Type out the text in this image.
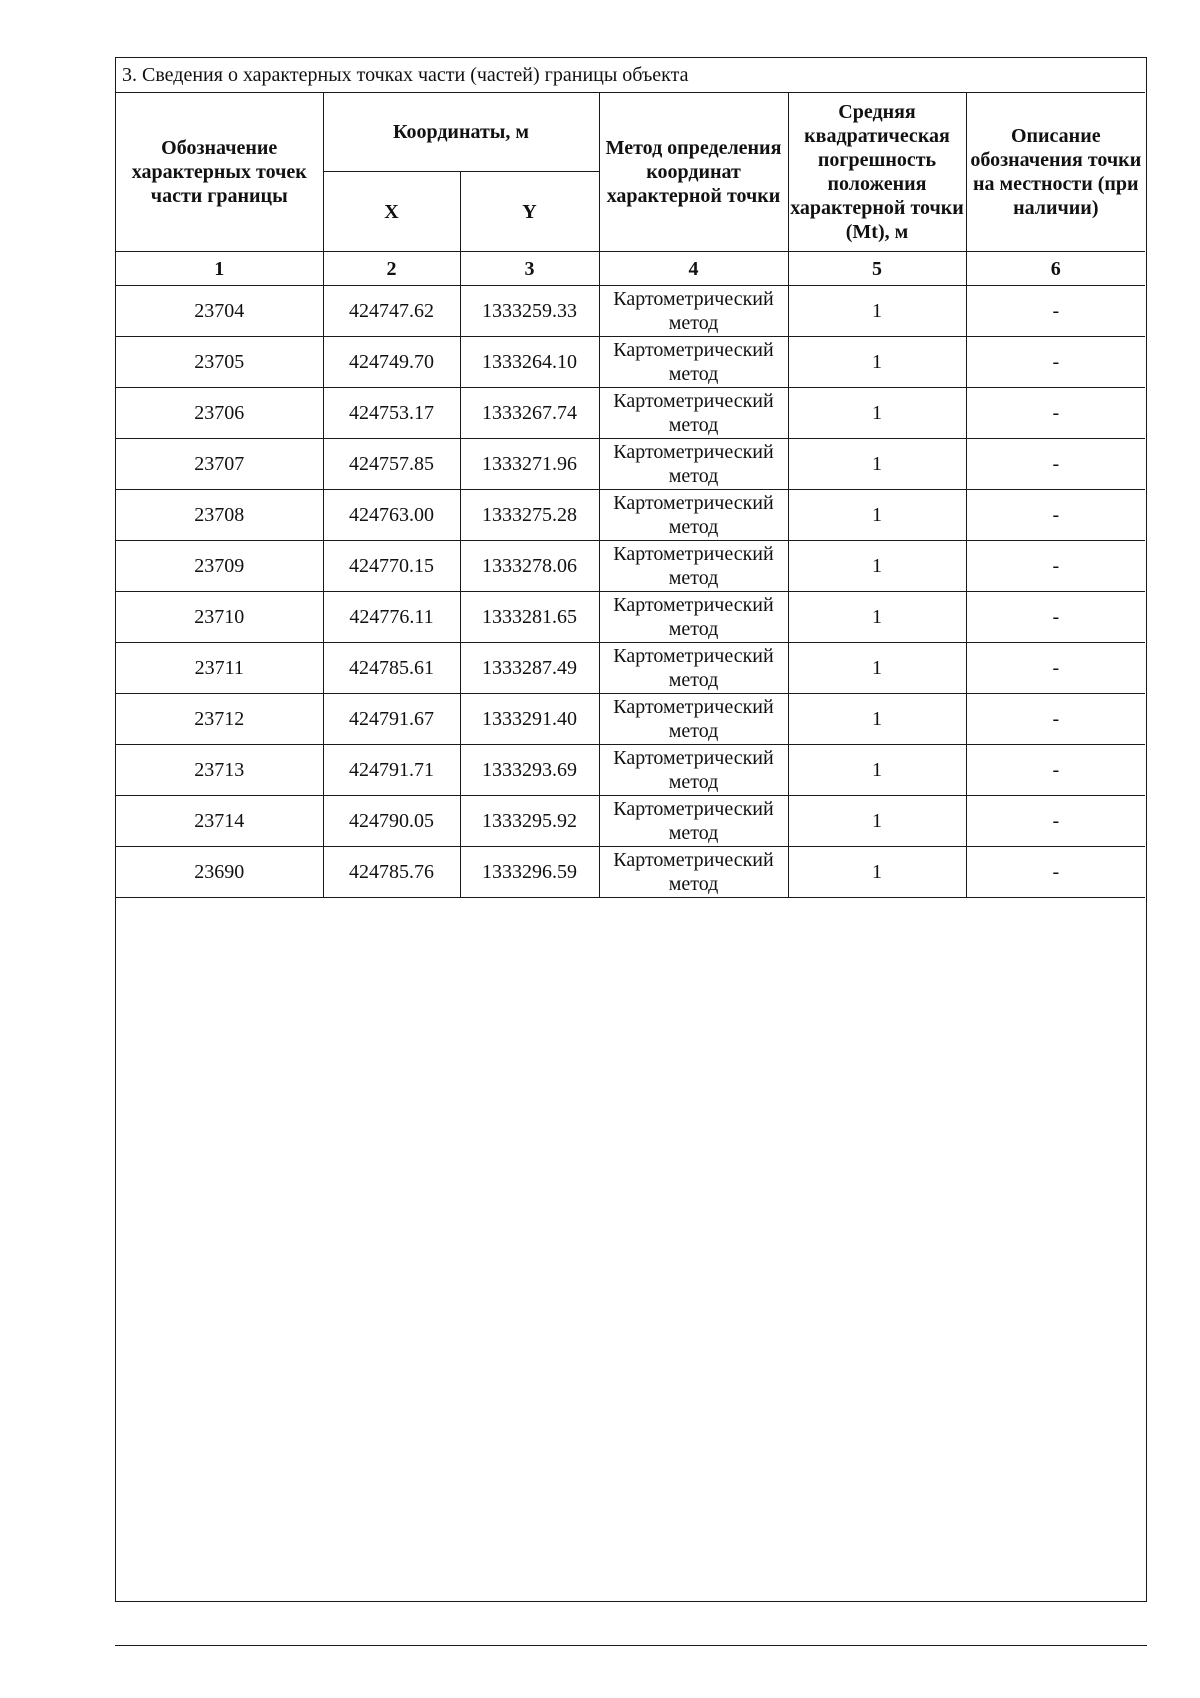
3. Сведения о характерных точках части (частей) границы объекта					
Обозначение характерных точек части границы	Координаты, м		Метод определения координат характерной точки	Средняя квадратическая погрешность положения характерной точки (Mt), м	Описание обозначения точки на местности (при наличии)
	X	Y			
1	2	3	4	5	6
23704	424747.62	1333259.33	Картометрический метод	1	-
23705	424749.70	1333264.10	Картометрический метод	1	-
23706	424753.17	1333267.74	Картометрический метод	1	-
23707	424757.85	1333271.96	Картометрический метод	1	-
23708	424763.00	1333275.28	Картометрический метод	1	-
23709	424770.15	1333278.06	Картометрический метод	1	-
23710	424776.11	1333281.65	Картометрический метод	1	-
23711	424785.61	1333287.49	Картометрический метод	1	-
23712	424791.67	1333291.40	Картометрический метод	1	-
23713	424791.71	1333293.69	Картометрический метод	1	-
23714	424790.05	1333295.92	Картометрический метод	1	-
23690	424785.76	1333296.59	Картометрический метод	1	-
